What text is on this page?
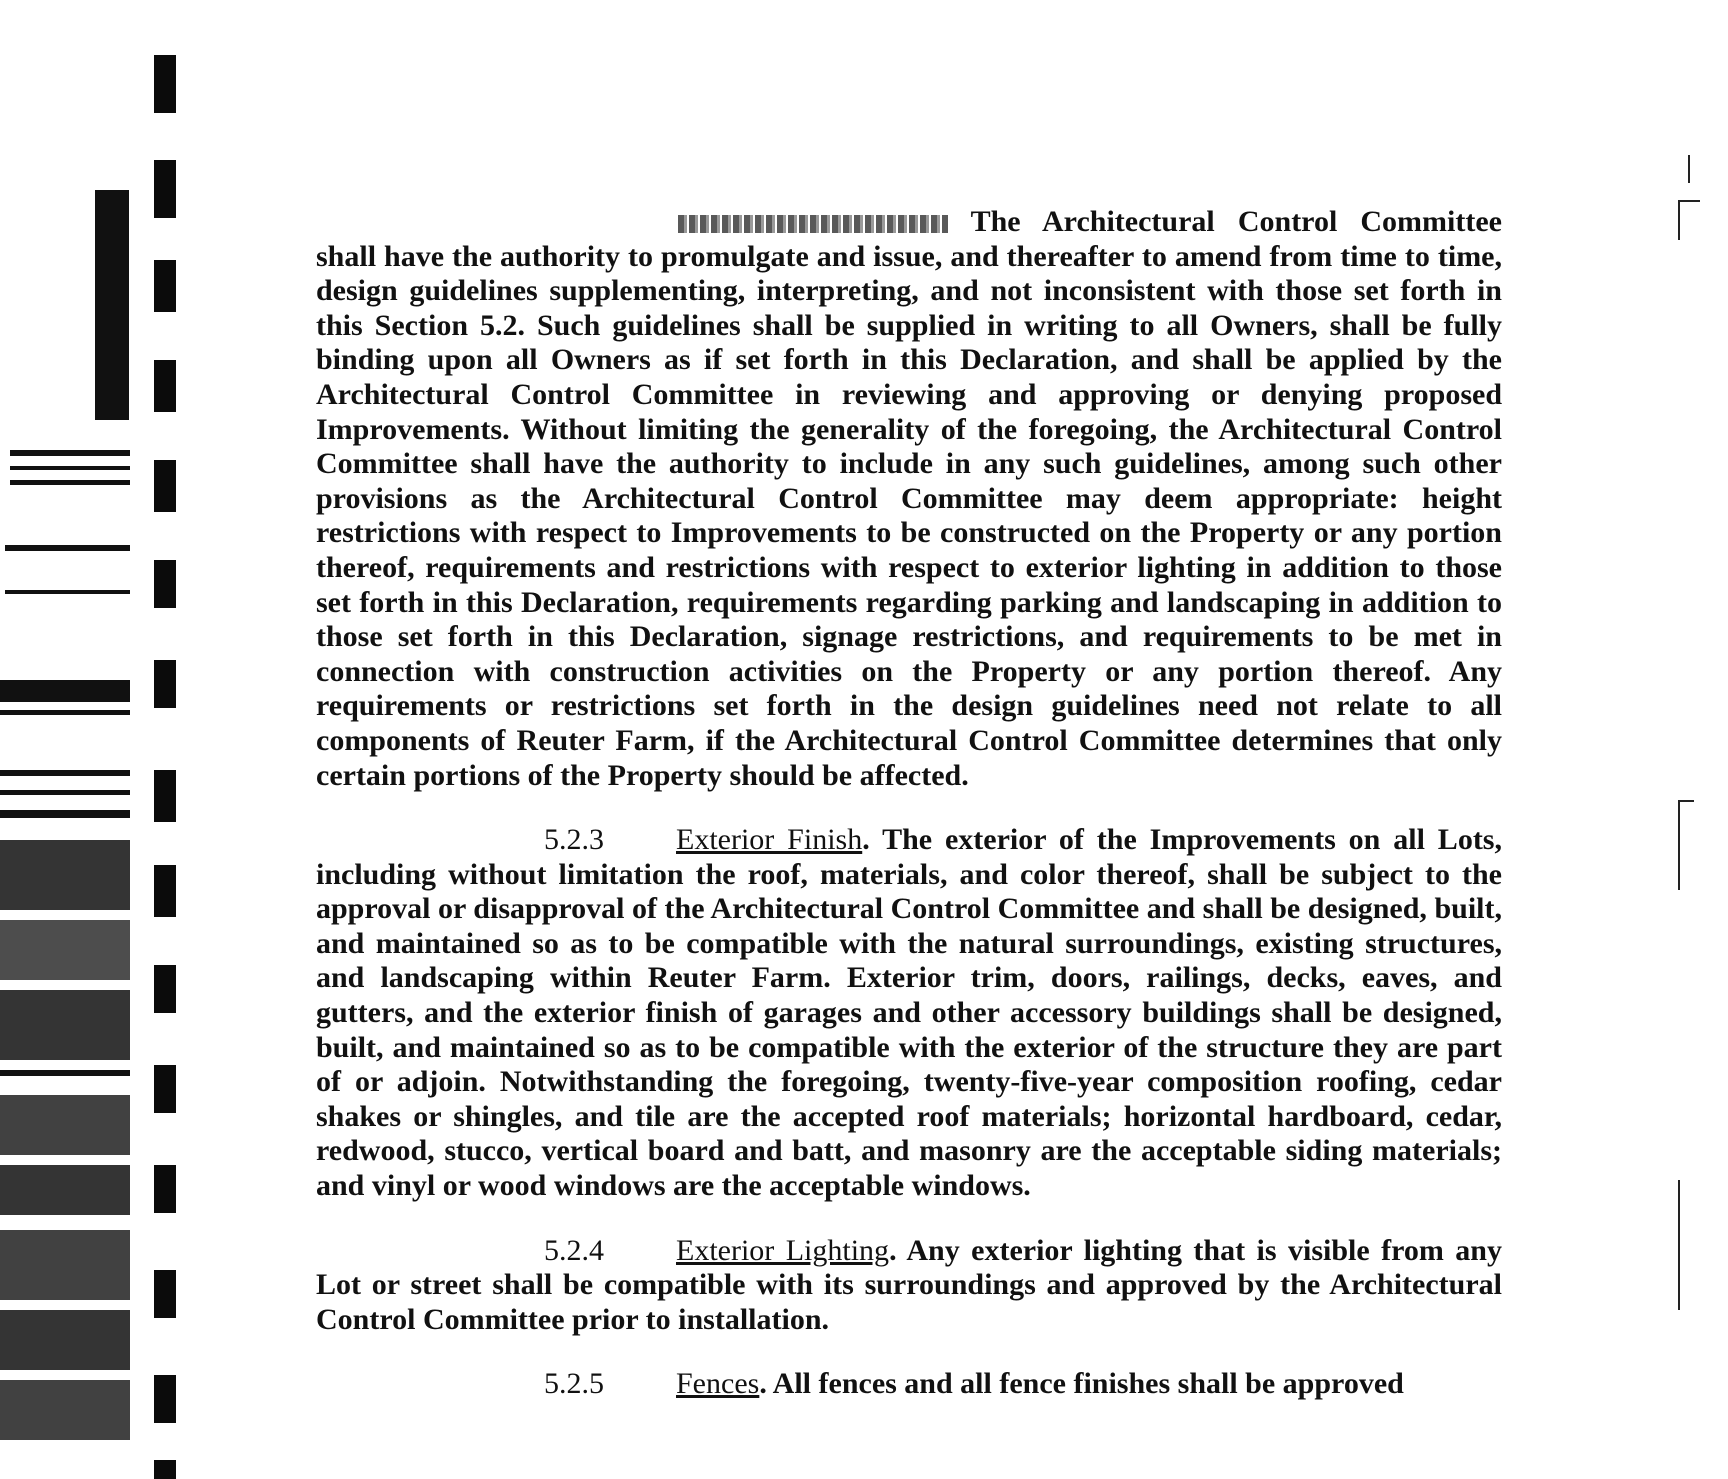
The Architectural Control Committee shall have the authority to promulgate and issue, and thereafter to amend from time to time, design guidelines supplementing, interpreting, and not inconsistent with those set forth in this Section 5.2. Such guidelines shall be supplied in writing to all Owners, shall be fully binding upon all Owners as if set forth in this Declaration, and shall be applied by the Architectural Control Committee in reviewing and approving or denying proposed Improvements. Without limiting the generality of the foregoing, the Architectural Control Committee shall have the authority to include in any such guidelines, among such other provisions as the Architectural Control Committee may deem appropriate: height restrictions with respect to Improvements to be constructed on the Property or any portion thereof, requirements and restrictions with respect to exterior lighting in addition to those set forth in this Declaration, requirements regarding parking and landscaping in addition to those set forth in this Declaration, signage restrictions, and requirements to be met in connection with construction activities on the Property or any portion thereof. Any requirements or restrictions set forth in the design guidelines need not relate to all components of Reuter Farm, if the Architectural Control Committee determines that only certain portions of the Property should be affected.

5.2.3 Exterior Finish. The exterior of the Improvements on all Lots, including without limitation the roof, materials, and color thereof, shall be subject to the approval or disapproval of the Architectural Control Committee and shall be designed, built, and maintained so as to be compatible with the natural surroundings, existing structures, and landscaping within Reuter Farm. Exterior trim, doors, railings, decks, eaves, and gutters, and the exterior finish of garages and other accessory buildings shall be designed, built, and maintained so as to be compatible with the exterior of the structure they are part of or adjoin. Notwithstanding the foregoing, twenty-five-year composition roofing, cedar shakes or shingles, and tile are the accepted roof materials; horizontal hardboard, cedar, redwood, stucco, vertical board and batt, and masonry are the acceptable siding materials; and vinyl or wood windows are the acceptable windows.

5.2.4 Exterior Lighting. Any exterior lighting that is visible from any Lot or street shall be compatible with its surroundings and approved by the Architectural Control Committee prior to installation.

5.2.5 Fences. All fences and all fence finishes shall be approved
